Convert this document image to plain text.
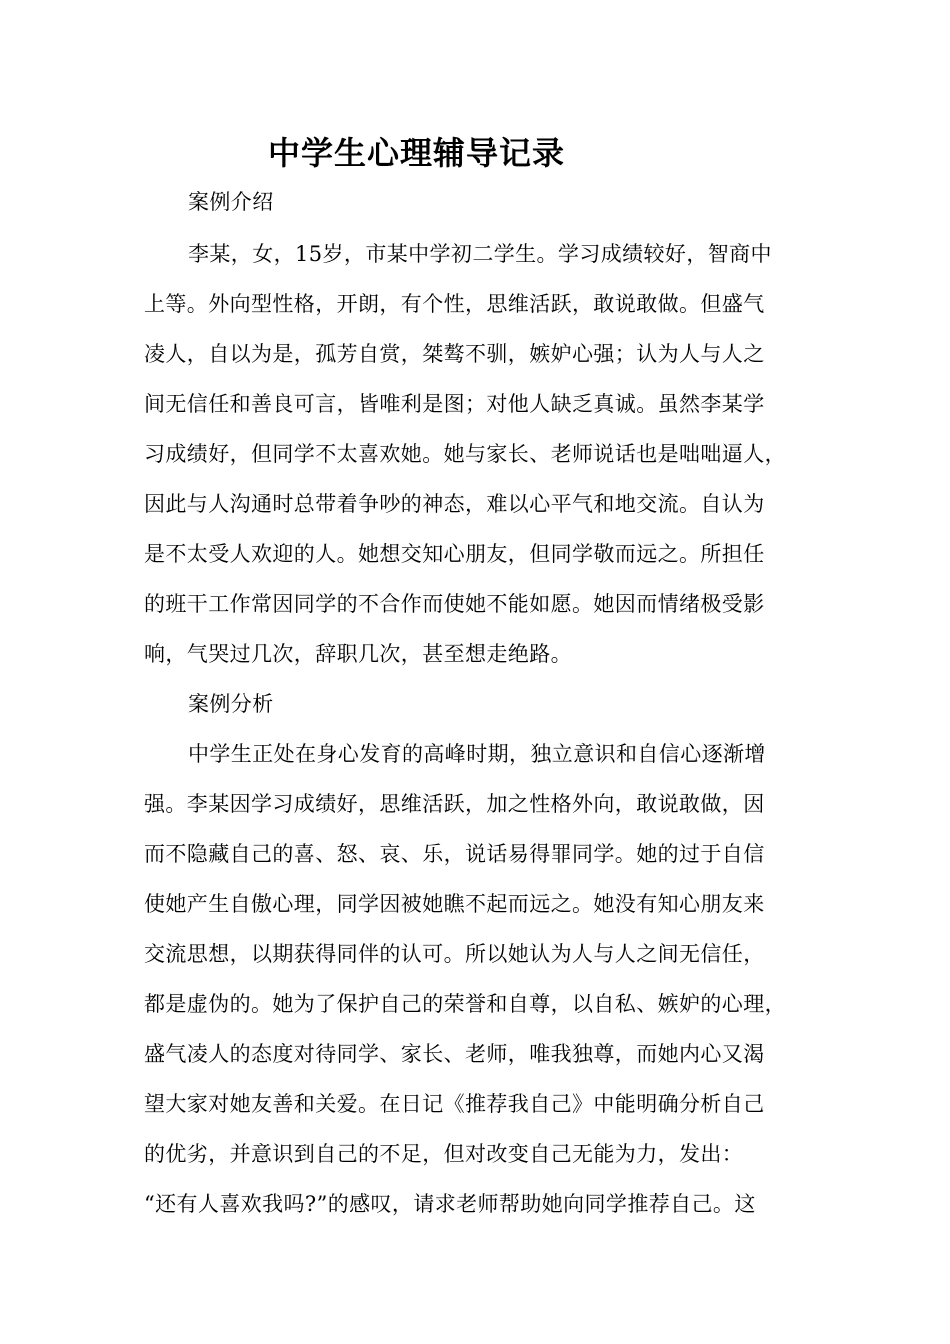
中学生心理辅导记录
案例介绍
李某，女，15岁，市某中学初二学生。学习成绩较好，智商中
上等。外向型性格，开朗，有个性，思维活跃，敢说敢做。但盛气
凌人，自以为是，孤芳自赏，桀骜不驯，嫉妒心强；认为人与人之
间无信任和善良可言，皆唯利是图；对他人缺乏真诚。虽然李某学
习成绩好，但同学不太喜欢她。她与家长、老师说话也是咄咄逼人，
因此与人沟通时总带着争吵的神态，难以心平气和地交流。自认为
是不太受人欢迎的人。她想交知心朋友，但同学敬而远之。所担任
的班干工作常因同学的不合作而使她不能如愿。她因而情绪极受影
响，气哭过几次，辞职几次，甚至想走绝路。
案例分析
中学生正处在身心发育的高峰时期，独立意识和自信心逐渐增
强。李某因学习成绩好，思维活跃，加之性格外向，敢说敢做，因
而不隐藏自己的喜、怒、哀、乐，说话易得罪同学。她的过于自信
使她产生自傲心理，同学因被她瞧不起而远之。她没有知心朋友来
交流思想，以期获得同伴的认可。所以她认为人与人之间无信任，
都是虚伪的。她为了保护自己的荣誉和自尊，以自私、嫉妒的心理，
盛气凌人的态度对待同学、家长、老师，唯我独尊，而她内心又渴
望大家对她友善和关爱。在日记《推荐我自己》中能明确分析自己
的优劣，并意识到自己的不足，但对改变自己无能为力，发出：
“还有人喜欢我吗?”的感叹，请求老师帮助她向同学推荐自己。这
